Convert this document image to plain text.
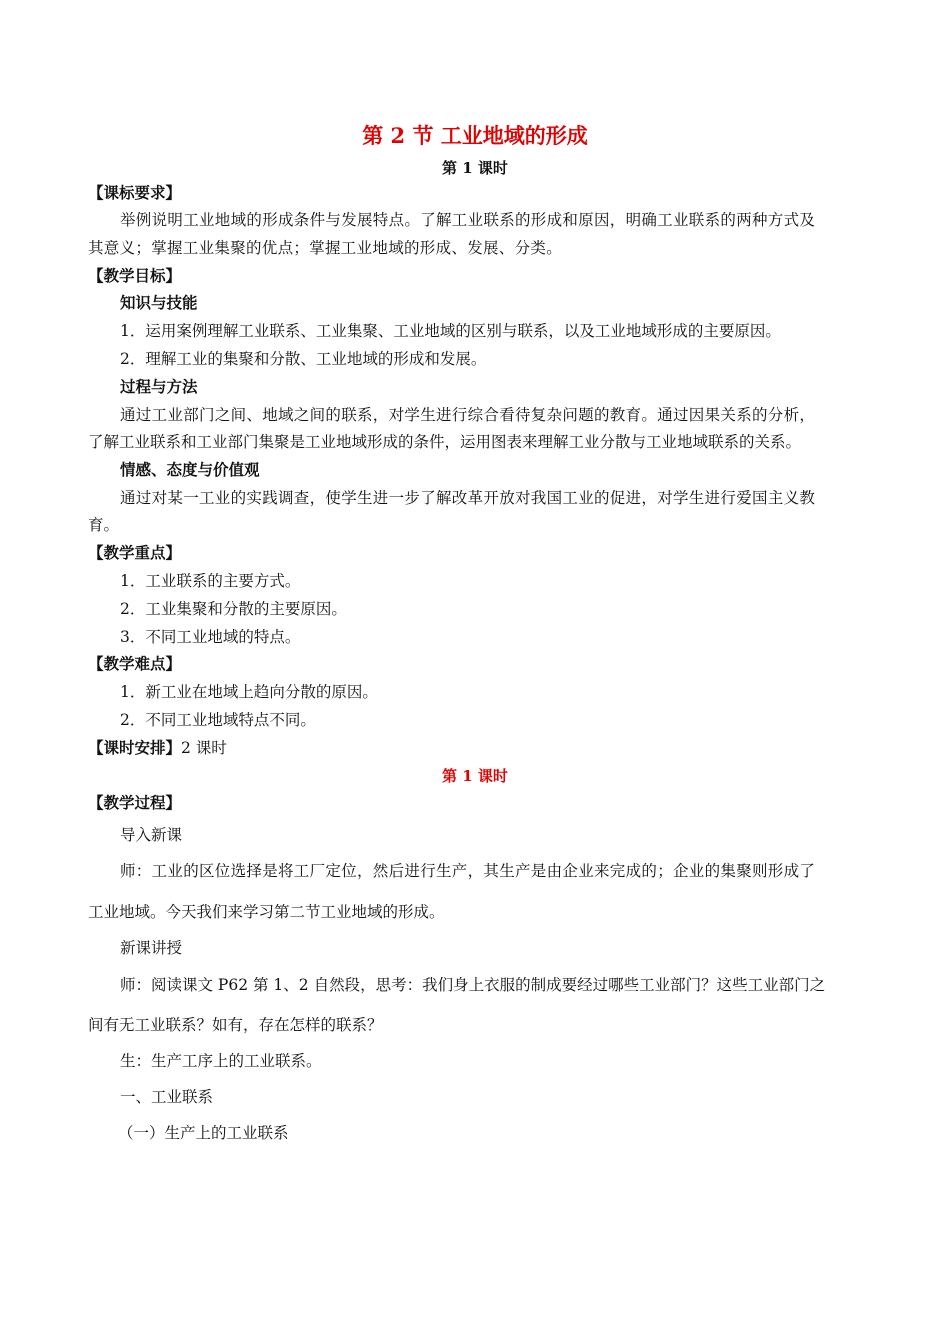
第 2 节 工业地域的形成
第 1 课时
【课标要求】
举例说明工业地域的形成条件与发展特点。了解工业联系的形成和原因，明确工业联系的两种方式及
其意义；掌握工业集聚的优点；掌握工业地域的形成、发展、分类。
【教学目标】
知识与技能
1．运用案例理解工业联系、工业集聚、工业地域的区别与联系，以及工业地域形成的主要原因。
2．理解工业的集聚和分散、工业地域的形成和发展。
过程与方法
通过工业部门之间、地域之间的联系，对学生进行综合看待复杂问题的教育。通过因果关系的分析，
了解工业联系和工业部门集聚是工业地域形成的条件，运用图表来理解工业分散与工业地域联系的关系。
情感、态度与价值观
通过对某一工业的实践调查，使学生进一步了解改革开放对我国工业的促进，对学生进行爱国主义教
育。
【教学重点】
1．工业联系的主要方式。
2．工业集聚和分散的主要原因。
3．不同工业地域的特点。
【教学难点】
1．新工业在地域上趋向分散的原因。
2．不同工业地域特点不同。
【课时安排】2 课时
第 1 课时
【教学过程】
导入新课
师：工业的区位选择是将工厂定位，然后进行生产，其生产是由企业来完成的；企业的集聚则形成了
工业地域。今天我们来学习第二节工业地域的形成。
新课讲授
师：阅读课文 P62 第 1、2 自然段，思考：我们身上衣服的制成要经过哪些工业部门？这些工业部门之
间有无工业联系？如有，存在怎样的联系？
生：生产工序上的工业联系。
一、工业联系
（一）生产上的工业联系
